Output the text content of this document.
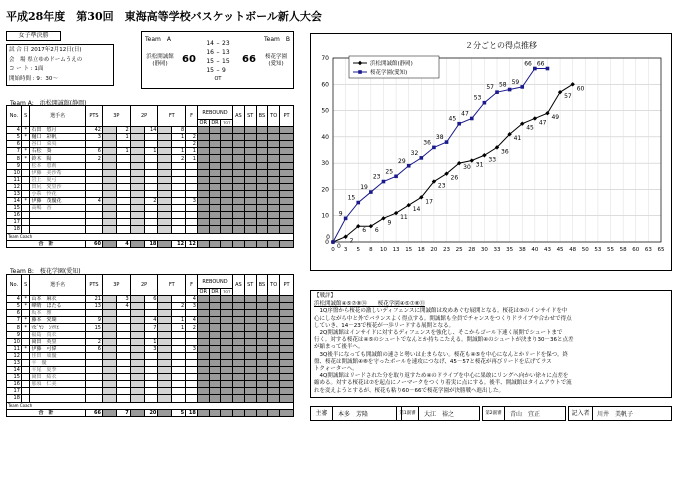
平成28年度　第30回　東海高等学校バスケットボール新人大会
女子準決勝
試 合 日 2017年2月12日(日)
会　場 県立ゆめドームうえの
コ ー ト : 1面
開始時間 : 9：30～
Team　A	Team　B
浜松開誠館
(静岡)	60
14 – 23
16 – 13
15 – 15
15 – 9
OT
66	桜花学園
(愛知)
Team A:　浜松開誠館(静岡)
No.	S	選手名	PTS	3P		2P		FT		F	REBOUND			AS	ST	BS	TO	PT
											OR	DR	TOT					
4	*	石田　悠月	42		2		14		8									
5	*	樋口　彩帆	3		1				1	2								
6		谷口　菜央								2								
7	*	右松　葵	6		1		1		1	1								
8	*	鈴木　陽	2						2	1								
9		松本　恵莉																
10		伊藤　美沙希																
11		岩上　夏弓																
12		田尻　愛里沙																
13		小糸　怜花																
14	*	伊藤　茂優花	4				2			3								
15		高嶋　香																
16																		
17																		
18																		
Team Coach																		
合　計			60		4		18		12	12								
Team B:　桜花学園(愛知)
No.	S	選手名	PTS	3P		2P		FT		F	REBOUND			AS	ST	BS	TO	PT
											OR	DR	TOT					
4	*	山本　麻衣	21		3		6			4								
5	*	峰晴　ほたる	13		4				2	3								
6		坂本　雅																
7	*	藤本　愛瑚	9				4		1	4								
8	*	ﾏﾋﾞﾔﾝ　ﾝﾏﾘｴ	15				7		1	2								
9		福島　真衣																
10		岡田　英里	2				1											
11	*	伊藤　可偉	6				3			3								
12		佳田　成優																
13		平　優																
14		平尾　夏季																
15		岡田　結衣																
16		那須　仁美																
17																		
18																		
Team Coach																		
合　計			66		7		20		5	18								
２分ごとの得点推移
0
10
20
30
40
50
60
70
0 3 5 8 10 13 15 18 20 23 25 28 30 33 35 38 40 43 45 48 50 53 55 58 60 63 65
0
2
6 6
9
11
14
17
23
26
30 31
33
36
41
45
47
49
57
60
0
9
15
19
23
25
29
32
36
38
45
47
53
57 58 59
66 66
浜松開誠館(静岡)
桜花学園(愛知)
【戦評】
浜松開誠館④⑤⑦⑧⑭　　桜花学園④⑤⑦⑧⑪
　1Q序盤から桜花の激しいディフェンスに開誠館は攻めあぐむ展開となる。桜花は⑤のインサイドを中
心にしながら中と外でバランスよく得点する。開誠館も全員でチャンスをつくりドライブや合わせで得点
していき、14－23で桜花が一歩リードする展開となる。
　2Q開誠館はインサイドに対するディフェンスを強化し、そこからゴール下速く展開でシュートまで
行く。対する桜花は④⑤のシュートでなんとか持ちこたえる。開誠館④のシュートが決まり30－36と点差
が縮まって後半へ。
　3Q後半になっても開誠館の速さと勢いは止まらない。桜花も④⑤を中心になんとかリードを保つ。終
盤、桜花は開誠館④⑧を守ったボールを速攻につなげ、45－57と桜花が再びリードを広げてラス
トクォーターへ。
　4Q開誠館はリードされた分を取り返すため④のドライブを中心に果敢にリングへ向かい徐々に点差を
縮める。対する桜花は⑦を起点にノーマークをつくり着実に点にする。後半、開誠館はタイムアウトで流
れを変えようとするが、桜花も粘り60－66で桜花学園が決勝戦へ進出した。
主審	本多　芳隆	第1副審	大江　裕之	第2副審	青山　宜正	記入者	川井　美帆子
